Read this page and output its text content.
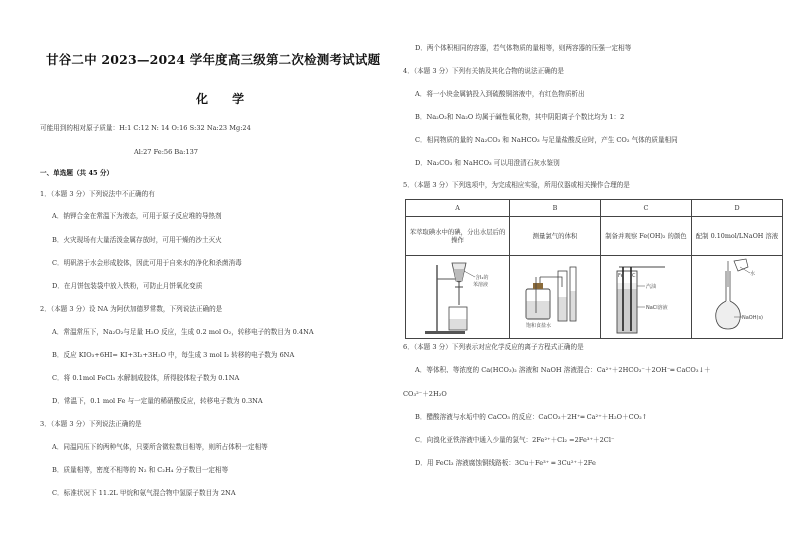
甘谷二中 2023—2024 学年度高三级第二次检测考试试题
化 学
可能用到的相对原子质量：H:1 C:12 N: 14 O:16 S:32 Na:23 Mg:24
Al:27 Fe:56 Ba:137
一、单选题（共 45 分）
1．（本题 3 分）下列说法中不正确的有
A．钠钾合金在常温下为液态，可用于原子反应堆的导热剂
B．火灾现场有大量活泼金属存放时，可用干燥的沙土灭火
C．明矾溶于水会形成胶体，因此可用于自来水的净化和杀菌消毒
D．在月饼包装袋中放入铁粉，可防止月饼氧化变质
2．（本题 3 分）设 NA 为阿伏加德罗常数，下列说法正确的是
A．常温常压下，Na₂O₂与足量 H₂O 反应，生成 0.2 mol O₂，转移电子的数目为 0.4NA
B．反应 KIO₃+6HI= KI+3I₂+3H₂O 中，每生成 3 mol I₂ 转移的电子数为 6NA
C．将 0.1mol FeCl₃ 水解制成胶体，所得胶体粒子数为 0.1NA
D．常温下，0.1 mol Fe 与一定量的稀硝酸反应，转移电子数为 0.3NA
3．（本题 3 分）下列说法正确的是
A．同温同压下的两种气体，只要所含微粒数目相等，则所占体积一定相等
B．质量相等，密度不相等的 N₂ 和 C₂H₄ 分子数目一定相等
C．标准状况下 11.2L 甲烷和氨气混合物中氢原子数目为 2NA
D．两个体积相同的容器，若气体物质的量相等，则两容器的压强一定相等
4．（本题 3 分）下列有关钠及其化合物的说法正确的是
A．将一小块金属钠投入到硫酸铜溶液中，有红色物质析出
B．Na₂O₂和 Na₂O 均属于碱性氧化物，其中阴阳离子个数比均为 1：2
C．相同物质的量的 Na₂CO₃ 和 NaHCO₃ 与足量盐酸反应时，产生 CO₂ 气体的质量相同
D．Na₂CO₃ 和 NaHCO₃ 可以用澄清石灰水鉴别
5．（本题 3 分）下列选项中，为完成相应实验，所用仪器或相关操作合理的是
6．（本题 3 分）下列表示对应化学反应的离子方程式正确的是
A．等体积、等浓度的 Ca(HCO₃)₂ 溶液和 NaOH 溶液混合：Ca²⁺＋2HCO₃⁻＋2OH⁻═ CaCO₃↓＋
CO₃²⁻＋2H₂O
B．醋酸溶液与水垢中的 CaCO₃ 的反应：CaCO₃＋2H⁺═ Ca²⁺＋H₂O＋CO₂↑
C．向溴化亚铁溶液中通入少量的氯气：2Fe²⁺＋Cl₂ =2Fe³⁺＋2Cl⁻
D．用 FeCl₃ 溶液腐蚀铜线路板：3Cu＋Fe³⁺ ═ 3Cu²⁺＋2Fe
A	B	C	D
苯萃取碘水中的碘，分出水层后的操作	测量氯气的体积	制备并观察 Fe(OH)₂ 的颜色	配制 0.10mol/LNaOH 溶液

含I₂的
苯溶液	饱和食盐水	Fe C
汽油
NaCl溶液	水
NaOH(s)
